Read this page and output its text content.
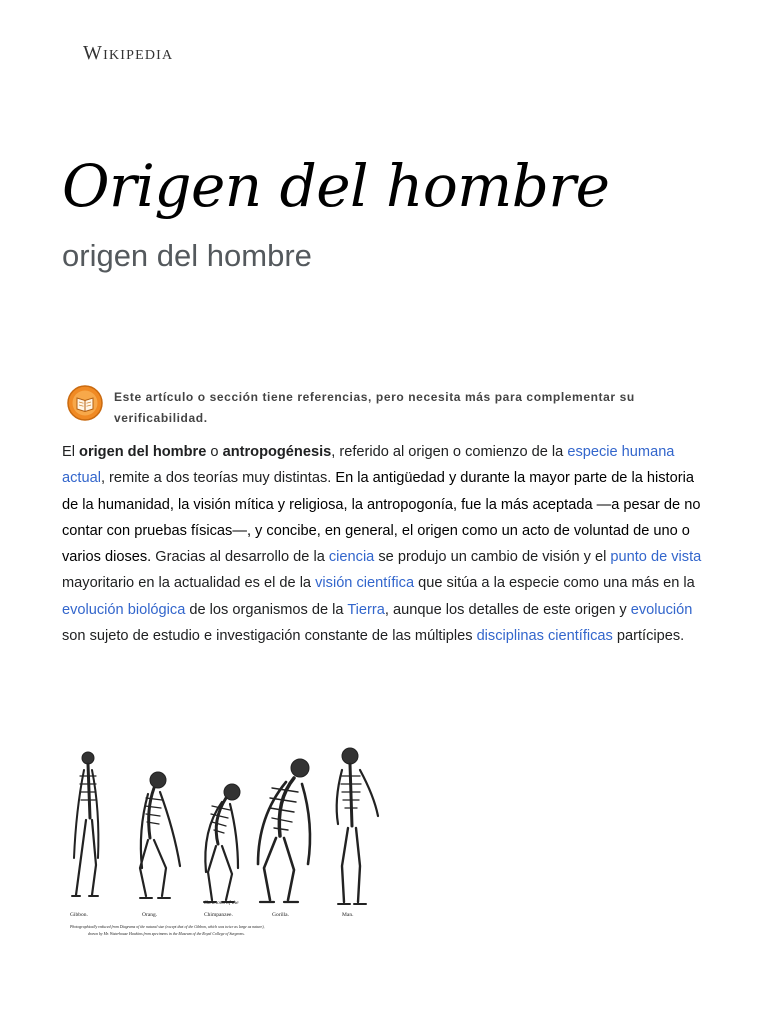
Wikipedia
Origen del hombre
origen del hombre
Este artículo o sección tiene referencias, pero necesita más para complementar su verificabilidad.

El origen del hombre o antropogénesis, referido al origen o comienzo de la especie humana actual, remite a dos teorías muy distintas. En la antigüedad y durante la mayor parte de la historia de la humanidad, la visión mítica y religiosa, la antropogonía, fue la más aceptada —a pesar de no contar con pruebas físicas—, y concibe, en general, el origen como un acto de voluntad de uno o varios dioses. Gracias al desarrollo de la ciencia se produjo un cambio de visión y el punto de vista mayoritario en la actualidad es el de la visión científica que sitúa a la especie como una más en la evolución biológica de los organismos de la Tierra, aunque los detalles de este origen y evolución son sujeto de estudio e investigación constante de las múltiples disciplinas científicas partícipes.

Gibbon.	Orang.
Skeletons of the
Chimpanzee.	Gorilla.	Man.
Photographically reduced from Diagrams of the natural size (except that of the Gibbon, which was twice as large as nature),
drawn by Mr. Waterhouse Hawkins from specimens in the Museum of the Royal College of Surgeons.
